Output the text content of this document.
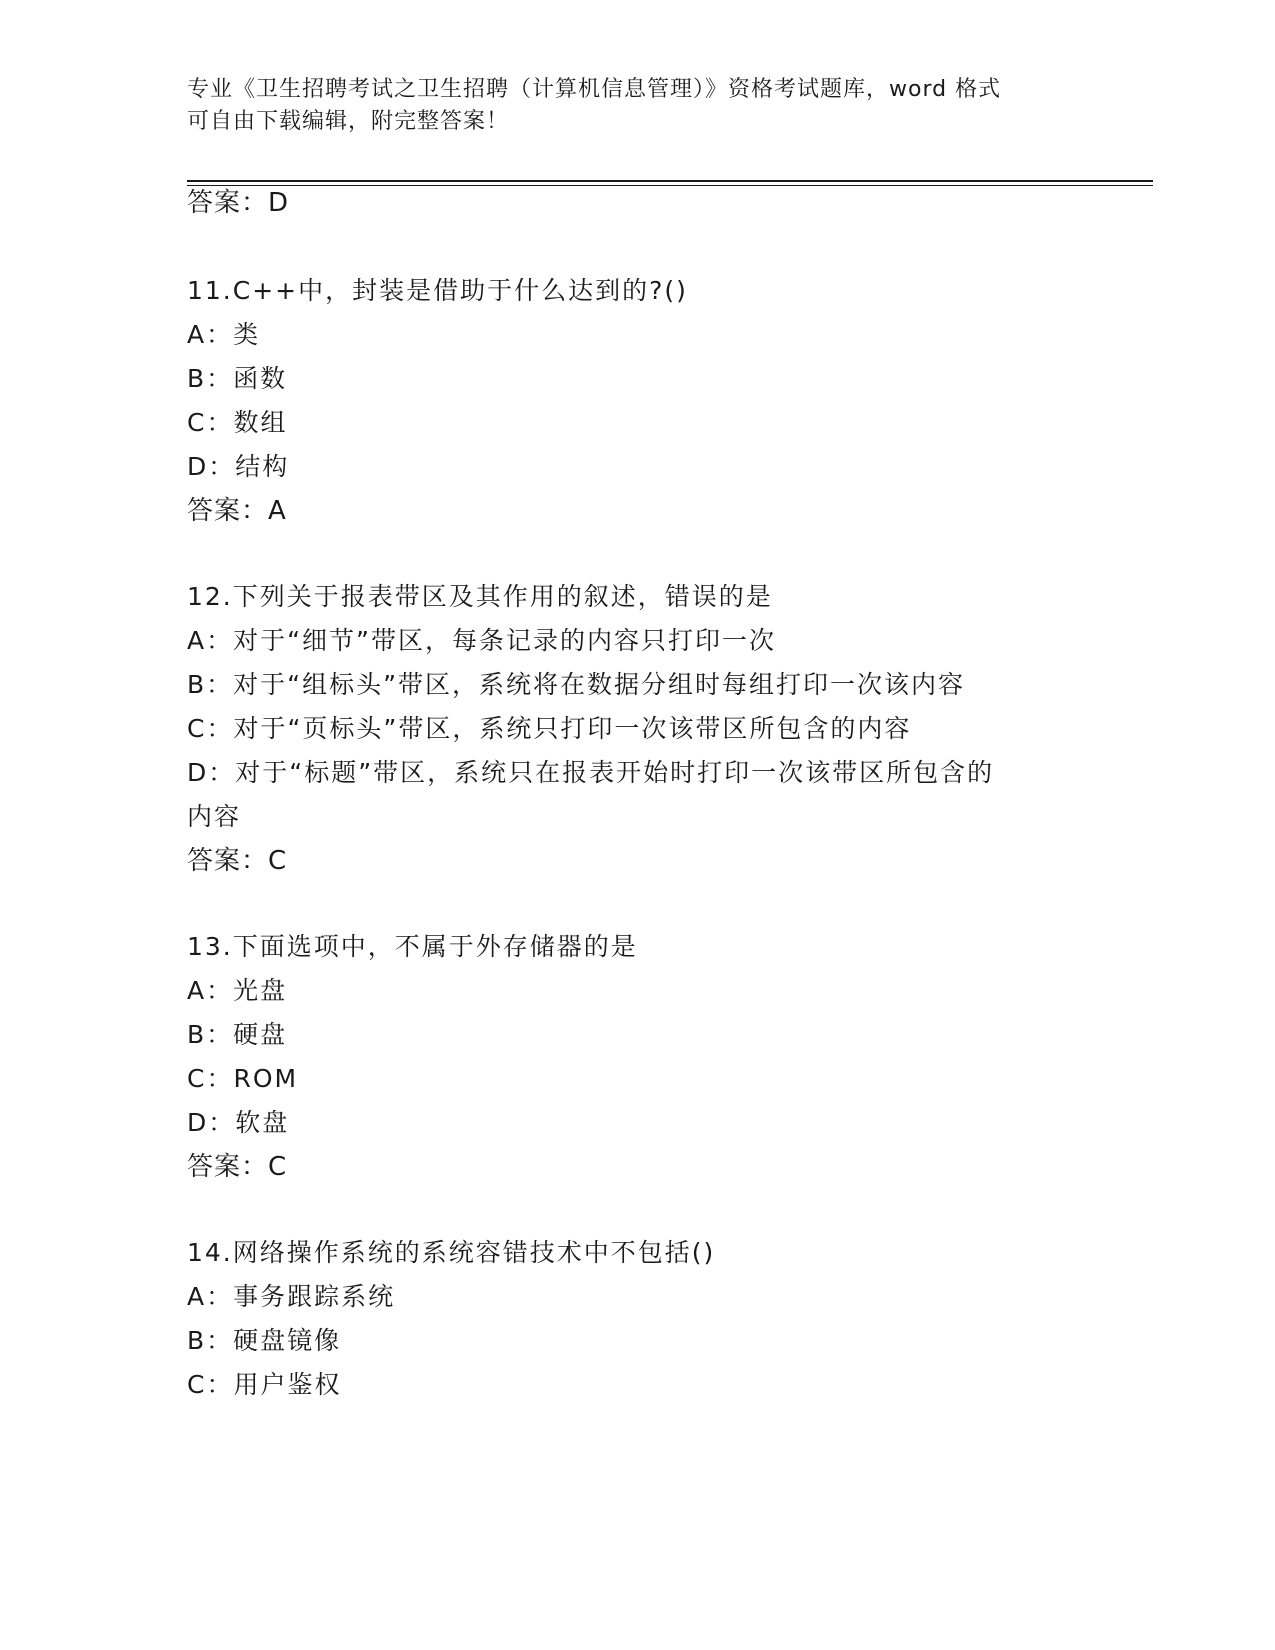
专业《卫生招聘考试之卫生招聘（计算机信息管理）》资格考试题库，word 格式
可自由下载编辑，附完整答案！
答案：D
11.C++中，封装是借助于什么达到的?()
A：类
B：函数
C：数组
D：结构
答案：A
12.下列关于报表带区及其作用的叙述，错误的是
A：对于“细节”带区，每条记录的内容只打印一次
B：对于“组标头”带区，系统将在数据分组时每组打印一次该内容
C：对于“页标头”带区，系统只打印一次该带区所包含的内容
D：对于“标题”带区，系统只在报表开始时打印一次该带区所包含的
内容
答案：C
13.下面选项中，不属于外存储器的是
A：光盘
B：硬盘
C：ROM
D：软盘
答案：C
14.网络操作系统的系统容错技术中不包括()
A：事务跟踪系统
B：硬盘镜像
C：用户鉴权
